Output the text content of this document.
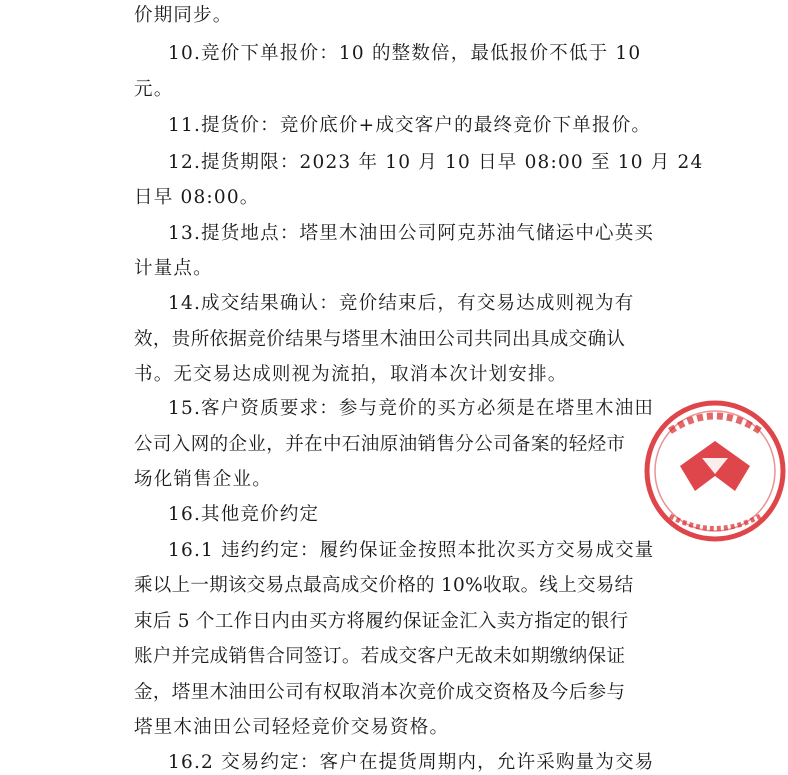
价期同步。
10.竞价下单报价：10 的整数倍，最低报价不低于 10
元。
11.提货价：竞价底价+成交客户的最终竞价下单报价。
12.提货期限：2023 年 10 月 10 日早 08:00 至 10 月 24
日早 08:00。
13.提货地点：塔里木油田公司阿克苏油气储运中心英买
计量点。
14.成交结果确认：竞价结束后，有交易达成则视为有
效，贵所依据竞价结果与塔里木油田公司共同出具成交确认
书。无交易达成则视为流拍，取消本次计划安排。
15.客户资质要求：参与竞价的买方必须是在塔里木油田
公司入网的企业，并在中石油原油销售分公司备案的轻烃市
场化销售企业。
16.其他竞价约定
16.1 违约约定：履约保证金按照本批次买方交易成交量
乘以上一期该交易点最高成交价格的 10%收取。线上交易结
束后 5 个工作日内由买方将履约保证金汇入卖方指定的银行
账户并完成销售合同签订。若成交客户无故未如期缴纳保证
金，塔里木油田公司有权取消本次竞价成交资格及今后参与
塔里木油田公司轻烃竞价交易资格。
16.2 交易约定：客户在提货周期内，允许采购量为交易
